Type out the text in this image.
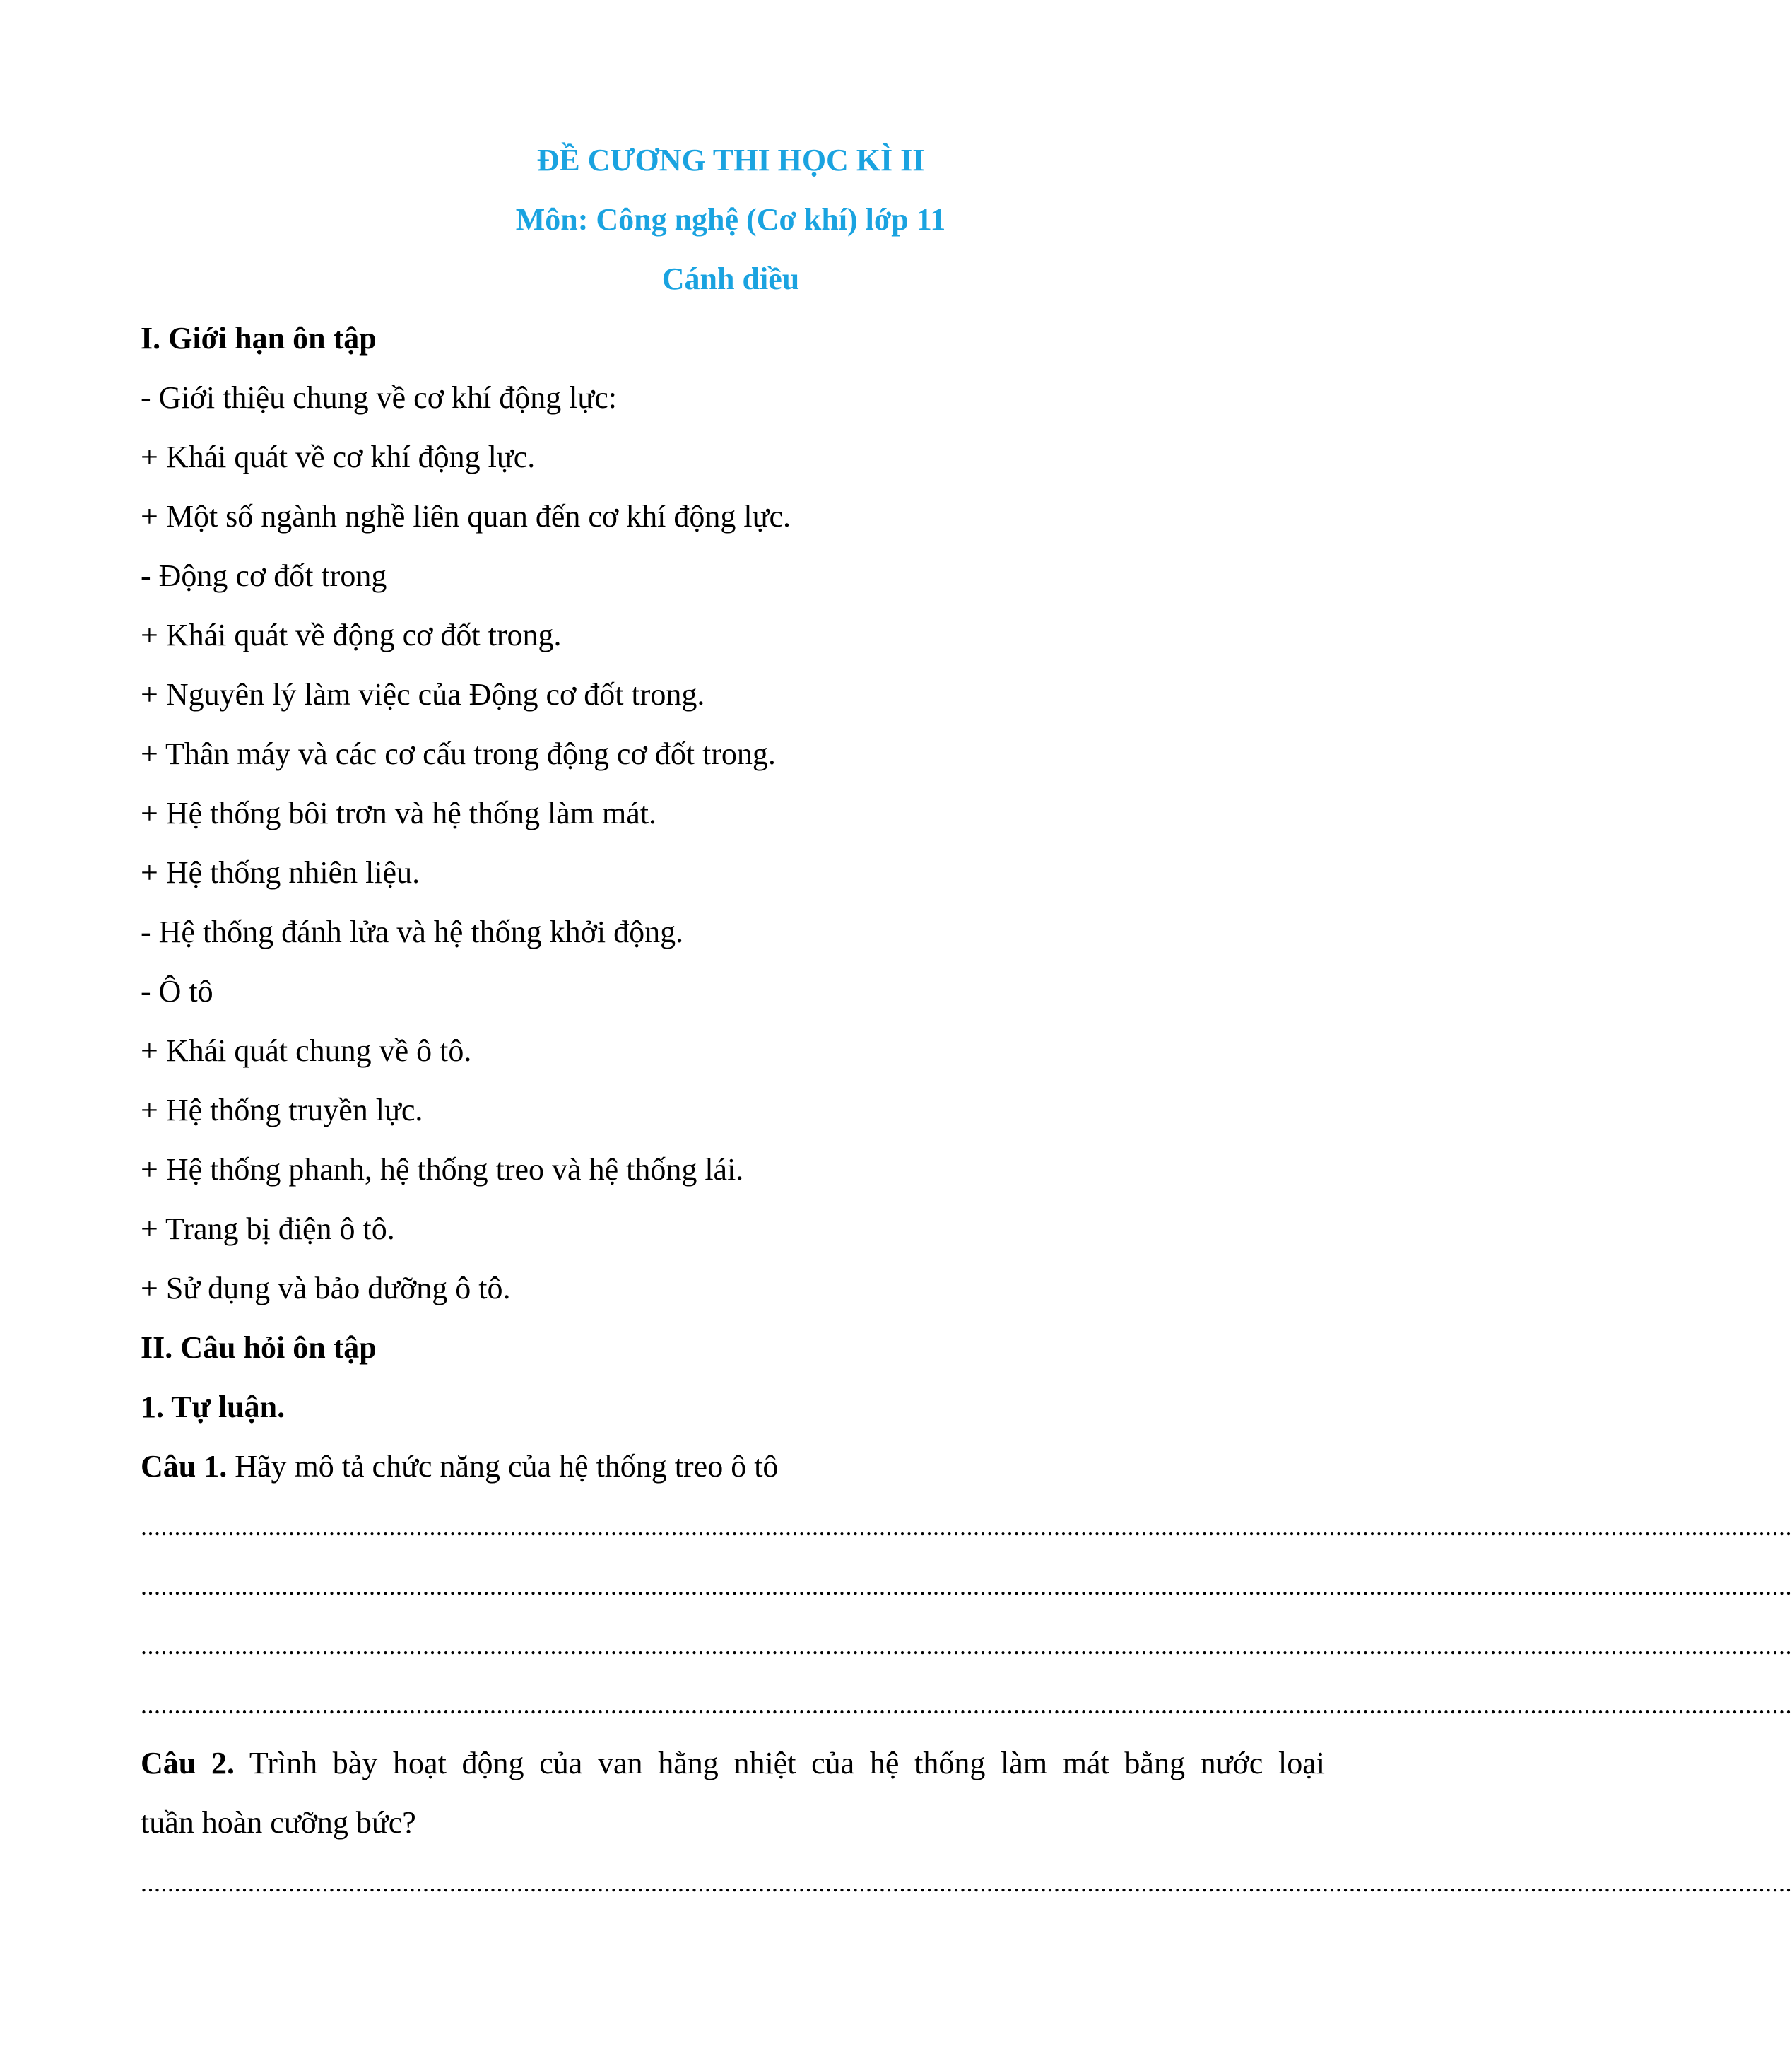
ĐỀ CƯƠNG THI HỌC KÌ II
Môn: Công nghệ (Cơ khí) lớp 11
Cánh diều
I. Giới hạn ôn tập
- Giới thiệu chung về cơ khí động lực:
+ Khái quát về cơ khí động lực.
+ Một số ngành nghề liên quan đến cơ khí động lực.
- Động cơ đốt trong
+ Khái quát về động cơ đốt trong.
+ Nguyên lý làm việc của Động cơ đốt trong.
+ Thân máy và các cơ cấu trong động cơ đốt trong.
+ Hệ thống bôi trơn và hệ thống làm mát.
+ Hệ thống nhiên liệu.
- Hệ thống đánh lửa và hệ thống khởi động.
- Ô tô
+ Khái quát chung về ô tô.
+ Hệ thống truyền lực.
+ Hệ thống phanh, hệ thống treo và hệ thống lái.
+ Trang bị điện ô tô.
+ Sử dụng và bảo dưỡng ô tô.
II. Câu hỏi ôn tập
1. Tự luận.
Câu 1. Hãy mô tả chức năng của hệ thống treo ô tô
......................................................................................................................................................................................................................................................
......................................................................................................................................................................................................................................................
......................................................................................................................................................................................................................................................
......................................................................................................................................................................................................................................................
Câu 2. Trình bày hoạt động của van hằng nhiệt của hệ thống làm mát bằng nước loại
tuần hoàn cưỡng bức?
......................................................................................................................................................................................................................................................
